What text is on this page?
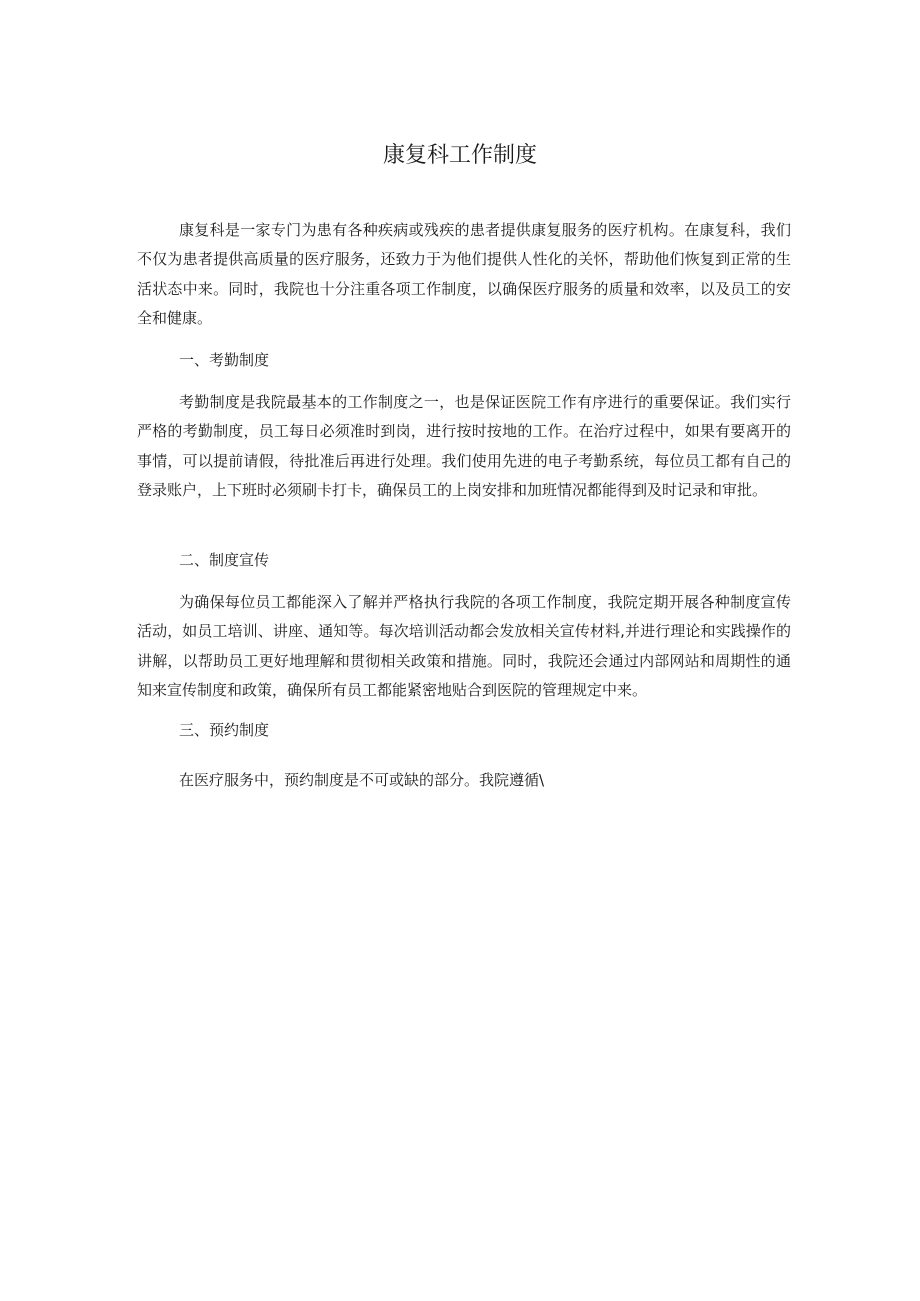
康复科工作制度

康复科是一家专门为患有各种疾病或残疾的患者提供康复服务的医疗机构。在康复科，我们不仅为患者提供高质量的医疗服务，还致力于为他们提供人性化的关怀，帮助他们恢复到正常的生活状态中来。同时，我院也十分注重各项工作制度，以确保医疗服务的质量和效率，以及员工的安全和健康。

一、考勤制度

考勤制度是我院最基本的工作制度之一，也是保证医院工作有序进行的重要保证。我们实行严格的考勤制度，员工每日必须准时到岗，进行按时按地的工作。在治疗过程中，如果有要离开的事情，可以提前请假，待批准后再进行处理。我们使用先进的电子考勤系统，每位员工都有自己的登录账户，上下班时必须刷卡打卡，确保员工的上岗安排和加班情况都能得到及时记录和审批。

二、制度宣传

为确保每位员工都能深入了解并严格执行我院的各项工作制度，我院定期开展各种制度宣传活动，如员工培训、讲座、通知等。每次培训活动都会发放相关宣传材料,并进行理论和实践操作的讲解，以帮助员工更好地理解和贯彻相关政策和措施。同时，我院还会通过内部网站和周期性的通知来宣传制度和政策，确保所有员工都能紧密地贴合到医院的管理规定中来。

三、预约制度

在医疗服务中，预约制度是不可或缺的部分。我院遵循\
